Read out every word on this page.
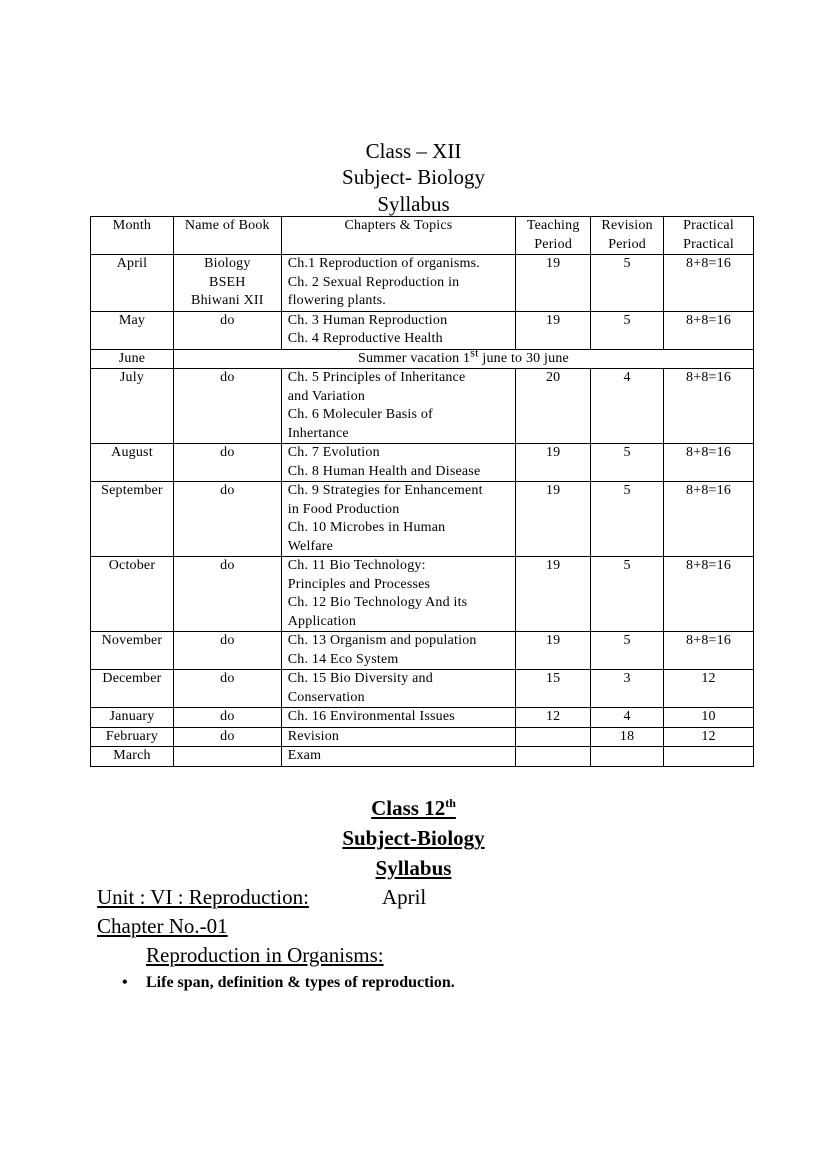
Class – XII
Subject- Biology
Syllabus
Month	Name of Book	Chapters & Topics	Teaching Period	Revision Period	Practical Practical
April	Biology
BSEH
Bhiwani XII	Ch.1 Reproduction of organisms.
Ch. 2 Sexual Reproduction in
flowering plants.	19	5	8+8=16
May	do	Ch. 3 Human Reproduction
Ch. 4 Reproductive Health	19	5	8+8=16
June	Summer vacation 1st june to 30 june				
July	do	Ch. 5 Principles of Inheritance
and Variation
Ch. 6 Moleculer Basis of
Inhertance	20	4	8+8=16
August	do	Ch. 7 Evolution
Ch. 8 Human Health and Disease	19	5	8+8=16
September	do	Ch. 9 Strategies for Enhancement
in Food Production
Ch. 10 Microbes in Human
Welfare	19	5	8+8=16
October	do	Ch. 11 Bio Technology:
Principles and Processes
Ch. 12 Bio Technology And its
Application	19	5	8+8=16
November	do	Ch. 13 Organism and population
Ch. 14 Eco System	19	5	8+8=16
December	do	Ch. 15 Bio Diversity and
Conservation	15	3	12
January	do	Ch. 16 Environmental Issues	12	4	10
February	do	Revision		18	12
March		Exam			

Class 12th
Subject-Biology
Syllabus
Unit : VI : Reproduction:	April
Chapter No.-01
Reproduction in Organisms:
• Life span, definition & types of reproduction.
